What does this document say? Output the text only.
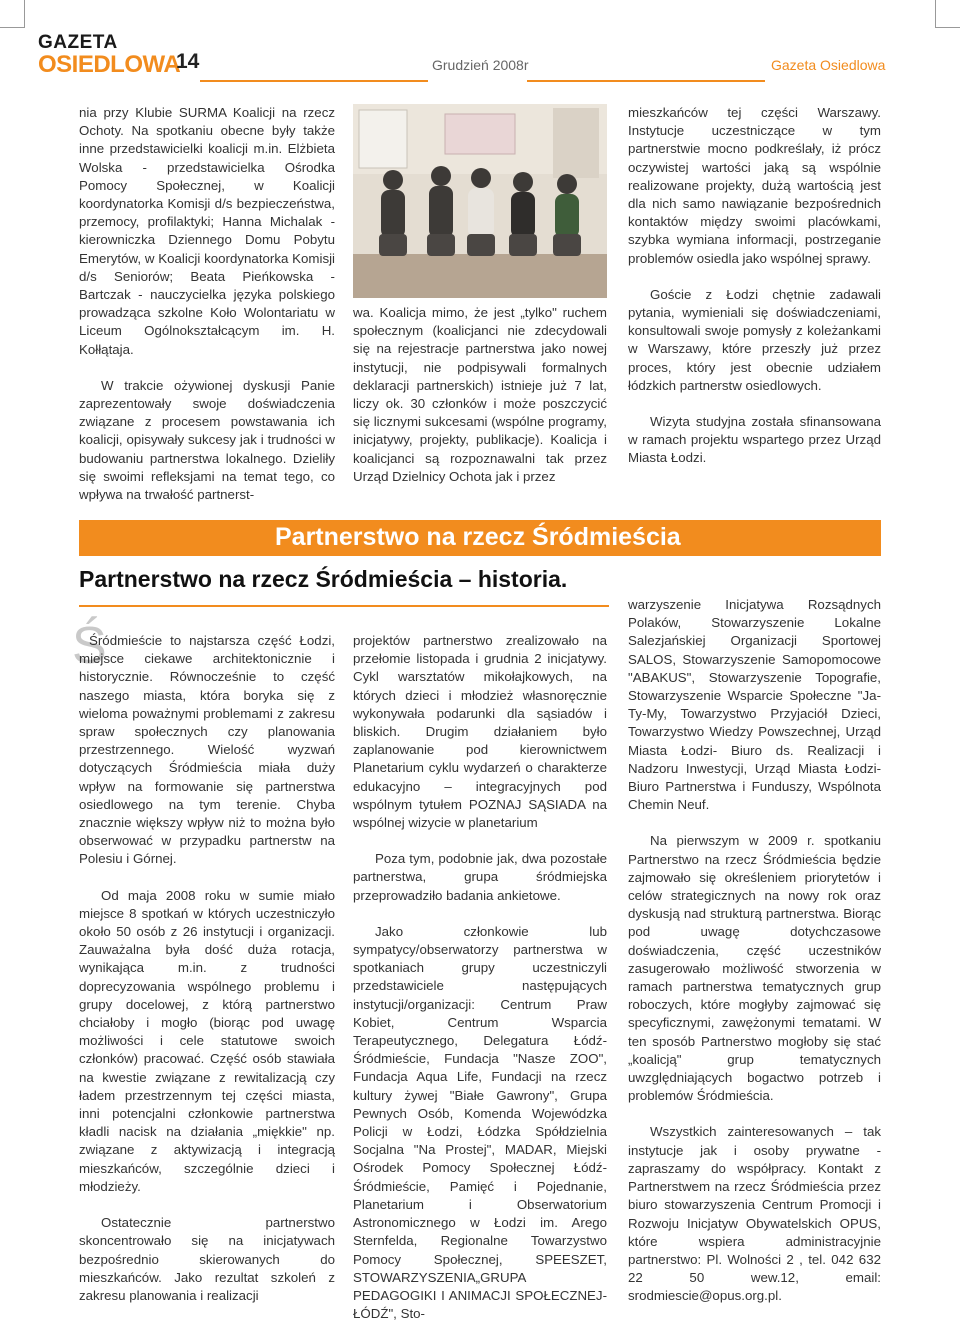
GAZETA
OSIEDLOWA
14	Grudzień 2008r	Gazeta Osiedlowa

nia przy Klubie SURMA Koalicji na rzecz Ochoty. Na spotkaniu obecne były także inne przedstawicielki koalicji m.in. Elżbieta Wolska - przedstawicielka Ośrodka Pomocy Społecznej, w Koalicji koordynatorka Komisji d/s bezpieczeństwa, przemocy, profilaktyki; Hanna Michalak - kierowniczka Dziennego Domu Pobytu Emerytów, w Koalicji koordynatorka Komisji d/s Seniorów; Beata Pieńkowska - Bartczak - nauczycielka języka polskiego prowadząca szkolne Koło Wolontariatu w Liceum Ogólnokształcącym im. H. Kołłątaja.

W trakcie ożywionej dyskusji Panie zaprezentowały swoje doświadczenia związane z procesem powstawania ich koalicji, opisywały sukcesy jak i trudności w budowaniu partnerstwa lokalnego. Dzieliły się swoimi refleksjami na temat tego, co wpływa na trwałość partnerst-

wa. Koalicja mimo, że jest „tylko" ruchem społecznym (koalicjanci nie zdecydowali się na rejestracje partnerstwa jako nowej instytucji, nie podpisywali formalnych deklaracji partnerskich) istnieje już 7 lat, liczy ok. 30 członków i może poszczycić się licznymi sukcesami (wspólne programy, inicjatywy, projekty, publikacje). Koalicja i koalicjanci są rozpoznawalni tak przez Urząd Dzielnicy Ochota jak i przez

mieszkańców tej części Warszawy. Instytucje uczestniczące w tym partnerstwie mocno podkreślały, iż prócz oczywistej wartości jaką są wspólnie realizowane projekty, dużą wartością jest dla nich samo nawiązanie bezpośrednich kontaktów między swoimi placówkami, szybka wymiana informacji, postrzeganie problemów osiedla jako wspólnej sprawy.

Goście z Łodzi chętnie zadawali pytania, wymieniali się doświadczeniami, konsultowali swoje pomysły z koleżankami w Warszawy, które przeszły już przez proces, który jest obecnie udziałem łódzkich partnerstw osiedlowych.

Wizyta studyjna została sfinansowana w ramach projektu wspartego przez Urząd Miasta Łodzi.

Partnerstwo na rzecz Śródmieścia
Partnerstwo na rzecz Śródmieścia – historia.
Ś

Śródmieście to najstarsza część Łodzi, miejsce ciekawe architektonicznie i historycznie. Równocześnie to część naszego miasta, która boryka się z wieloma poważnymi problemami z zakresu spraw społecznych czy planowania przestrzennego. Wielość wyzwań dotyczących Śródmieścia miała duży wpływ na formowanie się partnerstwa osiedlowego na tym terenie. Chyba znacznie większy wpływ niż to można było obserwować w przypadku partnerstw na Polesiu i Górnej.

Od maja 2008 roku w sumie miało miejsce 8 spotkań w których uczestniczyło około 50 osób z 26 instytucji i organizacji. Zauważalna była dość duża rotacja, wynikająca m.in. z trudności doprecyzowania wspólnego problemu i grupy docelowej, z którą partnerstwo chciałoby i mogło (biorąc pod uwagę możliwości i cele statutowe swoich członków) pracować. Część osób stawiała na kwestie związane z rewitalizacją czy ładem przestrzennym tej części miasta, inni potencjalni członkowie partnerstwa kładli nacisk na działania „miękkie" np. związane z aktywizacją i integracją mieszkańców, szczególnie dzieci i młodzieży.

Ostatecznie partnerstwo skoncentrowało się na inicjatywach bezpośrednio skierowanych do mieszkańców. Jako rezultat szkoleń z zakresu planowania i realizacji

projektów partnerstwo zrealizowało na przełomie listopada i grudnia 2 inicjatywy. Cykl warsztatów mikołajkowych, na których dzieci i młodzież własnoręcznie wykonywała podarunki dla sąsiadów i bliskich. Drugim działaniem było zaplanowanie pod kierownictwem Planetarium cyklu wydarzeń o charakterze edukacyjno – integracyjnych pod wspólnym tytułem POZNAJ SĄSIADA na wspólnej wizycie w planetarium

Poza tym, podobnie jak, dwa pozostałe partnerstwa, grupa śródmiejska przeprowadziło badania ankietowe.

Jako członkowie lub sympatycy/obserwatorzy partnerstwa w spotkaniach grupy uczestniczyli przedstawiciele następujących instytucji/organizacji: Centrum Praw Kobiet, Centrum Wsparcia Terapeutycznego, Delegatura Łódź- Śródmieście, Fundacja "Nasze ZOO", Fundacja Aqua Life, Fundacji na rzecz kultury żywej "Białe Gawrony", Grupa Pewnych Osób, Komenda Wojewódzka Policji w Łodzi, Łódzka Spółdzielnia Socjalna "Na Prostej", MADAR, Miejski Ośrodek Pomocy Społecznej Łódź-Śródmieście, Pamięć i Pojednanie, Planetarium i Obserwatorium Astronomicznego w Łodzi im. Arego Sternfelda, Regionalne Towarzystwo Pomocy Społecznej, SPEESZET, STOWARZYSZENIA„GRUPA PEDAGOGIKI I ANIMACJI SPOŁECZNEJ- ŁÓDŹ", Sto-

warzyszenie Inicjatywa Rozsądnych Polaków, Stowarzyszenie Lokalne Salezjańskiej Organizacji Sportowej SALOS, Stowarzyszenie Samopomocowe "ABAKUS", Stowarzyszenie Topografie, Stowarzyszenie Wsparcie Społeczne "Ja-Ty-My, Towarzystwo Przyjaciół Dzieci, Towarzystwo Wiedzy Powszechnej, Urząd Miasta Łodzi- Biuro ds. Realizacji i Nadzoru Inwestycji, Urząd Miasta Łodzi- Biuro Partnerstwa i Funduszy, Wspólnota Chemin Neuf.

Na pierwszym w 2009 r. spotkaniu Partnerstwo na rzecz Śródmieścia będzie zajmowało się określeniem priorytetów i celów strategicznych na nowy rok oraz dyskusją nad strukturą partnerstwa. Biorąc pod uwagę dotychczasowe doświadczenia, część uczestników zasugerowało możliwość stworzenia w ramach partnerstwa tematycznych grup roboczych, które mogłyby zajmować się specyficznymi, zawężonymi tematami. W ten sposób Partnerstwo mogłoby się stać „koalicją" grup tematycznych uwzględniających bogactwo potrzeb i problemów Śródmieścia.

Wszystkich zainteresowanych – tak instytucje jak i osoby prywatne - zapraszamy do współpracy. Kontakt z Partnerstwem na rzecz Śródmieścia przez biuro stowarzyszenia Centrum Promocji i Rozwoju Inicjatyw Obywatelskich OPUS, które wspiera administracyjnie partnerstwo: Pl. Wolności 2 , tel. 042 632 22 50 wew.12, email: srodmiescie@opus.org.pl.
